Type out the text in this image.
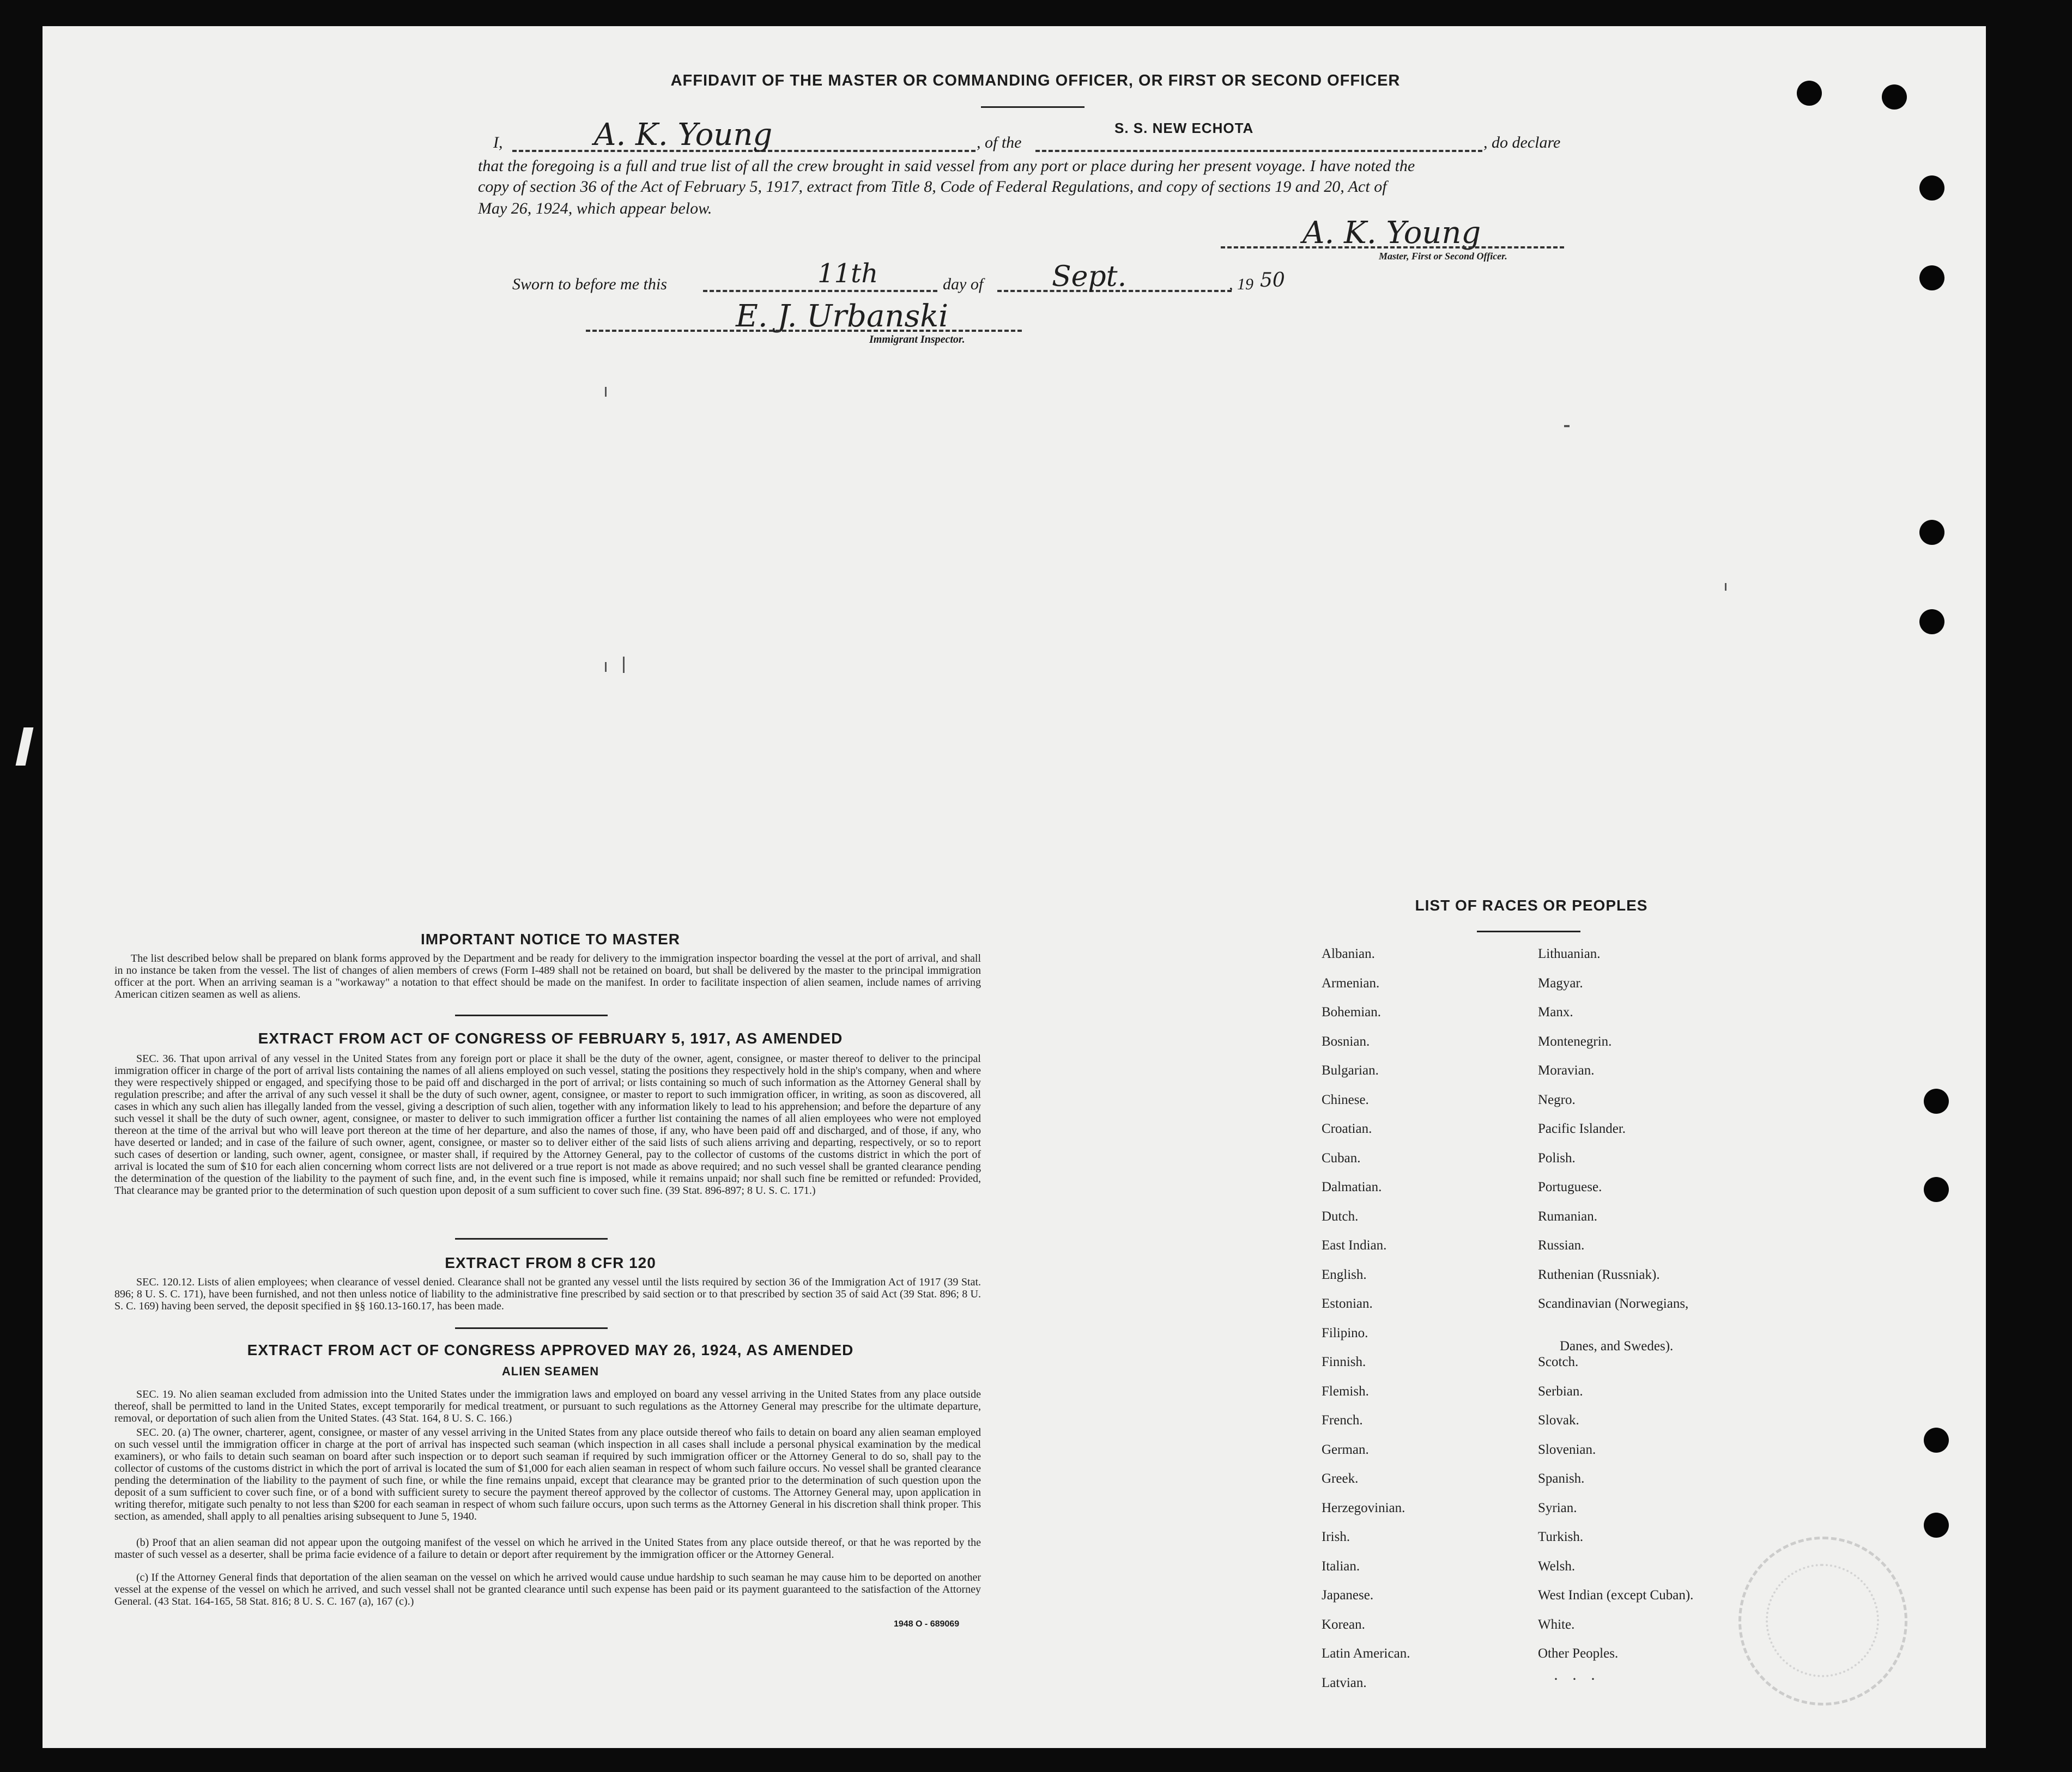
AFFIDAVIT OF THE MASTER OR COMMANDING OFFICER, OR FIRST OR SECOND OFFICER
I,	A. K. Young	, of the
S. S. NEW ECHOTA
, do declare
that the foregoing is a full and true list of all the crew brought in said vessel from any port or place during her present voyage. I have noted the
copy of section 36 of the Act of February 5, 1917, extract from Title 8, Code of Federal Regulations, and copy of sections 19 and 20, Act of
May 26, 1924, which appear below.
A. K. Young
Master, First or Second Officer.
Sworn to before me this	11th	day of Sept.	, 19 50
E. J. Urbanski
Immigrant Inspector.
IMPORTANT NOTICE TO MASTER
The list described below shall be prepared on blank forms approved by the Department and be ready for delivery to the immigration inspector boarding the vessel at the port of arrival, and shall in no instance be taken from the vessel. The list of changes of alien members of crews (Form I-489 shall not be retained on board, but shall be delivered by the master to the principal immigration officer at the port. When an arriving seaman is a "workaway" a notation to that effect should be made on the manifest. In order to facilitate inspection of alien seamen, include names of arriving American citizen seamen as well as aliens.
EXTRACT FROM ACT OF CONGRESS OF FEBRUARY 5, 1917, AS AMENDED
SEC. 36. That upon arrival of any vessel in the United States from any foreign port or place it shall be the duty of the owner, agent, consignee, or master thereof to deliver to the principal immigration officer in charge of the port of arrival lists containing the names of all aliens employed on such vessel, stating the positions they respectively hold in the ship's company, when and where they were respectively shipped or engaged, and specifying those to be paid off and discharged in the port of arrival; or lists containing so much of such information as the Attorney General shall by regulation prescribe; and after the arrival of any such vessel it shall be the duty of such owner, agent, consignee, or master to report to such immigration officer, in writing, as soon as discovered, all cases in which any such alien has illegally landed from the vessel, giving a description of such alien, together with any information likely to lead to his apprehension; and before the departure of any such vessel it shall be the duty of such owner, agent, consignee, or master to deliver to such immigration officer a further list containing the names of all alien employees who were not employed thereon at the time of the arrival but who will leave port thereon at the time of her departure, and also the names of those, if any, who have been paid off and discharged, and of those, if any, who have deserted or landed; and in case of the failure of such owner, agent, consignee, or master so to deliver either of the said lists of such aliens arriving and departing, respectively, or so to report such cases of desertion or landing, such owner, agent, consignee, or master shall, if required by the Attorney General, pay to the collector of customs of the customs district in which the port of arrival is located the sum of $10 for each alien concerning whom correct lists are not delivered or a true report is not made as above required; and no such vessel shall be granted clearance pending the determination of the question of the liability to the payment of such fine, and, in the event such fine is imposed, while it remains unpaid; nor shall such fine be remitted or refunded: Provided, That clearance may be granted prior to the determination of such question upon deposit of a sum sufficient to cover such fine. (39 Stat. 896-897; 8 U. S. C. 171.)
EXTRACT FROM 8 CFR 120
SEC. 120.12. Lists of alien employees; when clearance of vessel denied. Clearance shall not be granted any vessel until the lists required by section 36 of the Immigration Act of 1917 (39 Stat. 896; 8 U. S. C. 171), have been furnished, and not then unless notice of liability to the administrative fine prescribed by said section or to that prescribed by section 35 of said Act (39 Stat. 896; 8 U. S. C. 169) having been served, the deposit specified in §§ 160.13-160.17, has been made.
EXTRACT FROM ACT OF CONGRESS APPROVED MAY 26, 1924, AS AMENDED
ALIEN SEAMEN
SEC. 19. No alien seaman excluded from admission into the United States under the immigration laws and employed on board any vessel arriving in the United States from any place outside thereof, shall be permitted to land in the United States, except temporarily for medical treatment, or pursuant to such regulations as the Attorney General may prescribe for the ultimate departure, removal, or deportation of such alien from the United States. (43 Stat. 164, 8 U. S. C. 166.)
SEC. 20. (a) The owner, charterer, agent, consignee, or master of any vessel arriving in the United States from any place outside thereof who fails to detain on board any alien seaman employed on such vessel until the immigration officer in charge at the port of arrival has inspected such seaman (which inspection in all cases shall include a personal physical examination by the medical examiners), or who fails to detain such seaman on board after such inspection or to deport such seaman if required by such immigration officer or the Attorney General to do so, shall pay to the collector of customs of the customs district in which the port of arrival is located the sum of $1,000 for each alien seaman in respect of whom such failure occurs. No vessel shall be granted clearance pending the determination of the liability to the payment of such fine, or while the fine remains unpaid, except that clearance may be granted prior to the determination of such question upon the deposit of a sum sufficient to cover such fine, or of a bond with sufficient surety to secure the payment thereof approved by the collector of customs. The Attorney General may, upon application in writing therefor, mitigate such penalty to not less than $200 for each seaman in respect of whom such failure occurs, upon such terms as the Attorney General in his discretion shall think proper. This section, as amended, shall apply to all penalties arising subsequent to June 5, 1940.
(b) Proof that an alien seaman did not appear upon the outgoing manifest of the vessel on which he arrived in the United States from any place outside thereof, or that he was reported by the master of such vessel as a deserter, shall be prima facie evidence of a failure to detain or deport after requirement by the immigration officer or the Attorney General.
(c) If the Attorney General finds that deportation of the alien seaman on the vessel on which he arrived would cause undue hardship to such seaman he may cause him to be deported on another vessel at the expense of the vessel on which he arrived, and such vessel shall not be granted clearance until such expense has been paid or its payment guaranteed to the satisfaction of the Attorney General. (43 Stat. 164-165, 58 Stat. 816; 8 U. S. C. 167 (a), 167 (c).)
1948 O - 689069
LIST OF RACES OR PEOPLES
Albanian.
Armenian.
Bohemian.
Bosnian.
Bulgarian.
Chinese.
Croatian.
Cuban.
Dalmatian.
Dutch.
East Indian.
English.
Estonian.
Filipino.
Finnish.
Flemish.
French.
German.
Greek.
Herzegovinian.
Irish.
Italian.
Japanese.
Korean.
Latin American.
Latvian.
Lithuanian.
Magyar.
Manx.
Montenegrin.
Moravian.
Negro.
Pacific Islander.
Polish.
Portuguese.
Rumanian.
Russian.
Ruthenian (Russniak).
Scandinavian (Norwegians,
Danes, and Swedes).
Scotch.
Serbian.
Slovak.
Slovenian.
Spanish.
Syrian.
Turkish.
Welsh.
West Indian (except Cuban).
White.
Other Peoples.
···
